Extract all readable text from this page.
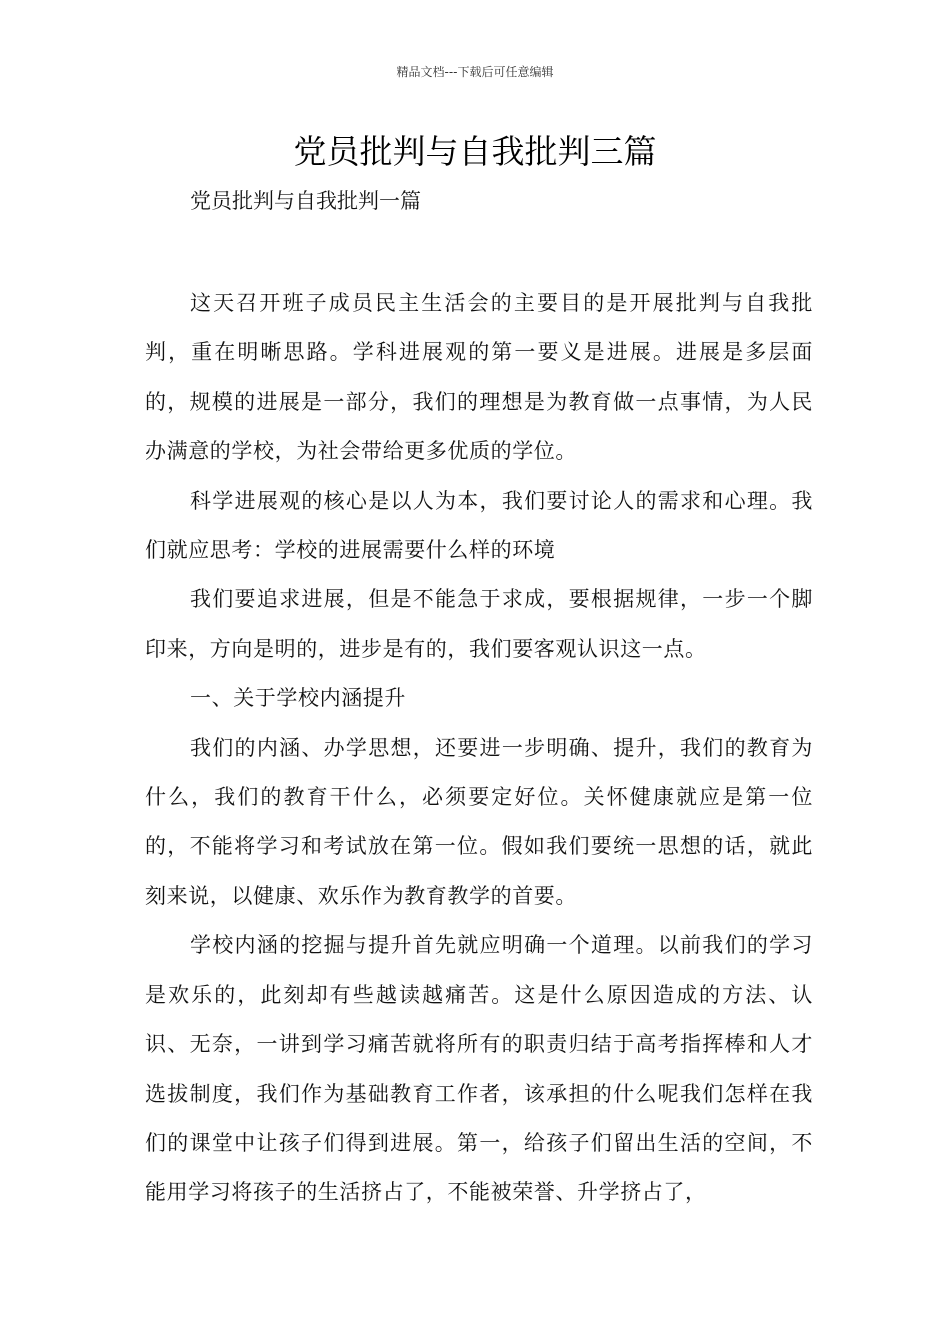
精品文档---下载后可任意编辑
党员批判与自我批判三篇

党员批判与自我批判一篇

这天召开班子成员民主生活会的主要目的是开展批判与自我批判，重在明晰思路。学科进展观的第一要义是进展。进展是多层面的，规模的进展是一部分，我们的理想是为教育做一点事情，为人民办满意的学校，为社会带给更多优质的学位。

科学进展观的核心是以人为本，我们要讨论人的需求和心理。我们就应思考：学校的进展需要什么样的环境

我们要追求进展，但是不能急于求成，要根据规律，一步一个脚印来，方向是明的，进步是有的，我们要客观认识这一点。

一、关于学校内涵提升

我们的内涵、办学思想，还要进一步明确、提升，我们的教育为什么，我们的教育干什么，必须要定好位。关怀健康就应是第一位的，不能将学习和考试放在第一位。假如我们要统一思想的话，就此刻来说，以健康、欢乐作为教育教学的首要。

学校内涵的挖掘与提升首先就应明确一个道理。以前我们的学习是欢乐的，此刻却有些越读越痛苦。这是什么原因造成的方法、认识、无奈，一讲到学习痛苦就将所有的职责归结于高考指挥棒和人才选拔制度，我们作为基础教育工作者，该承担的什么呢我们怎样在我们的课堂中让孩子们得到进展。第一，给孩子们留出生活的空间，不能用学习将孩子的生活挤占了，不能被荣誉、升学挤占了，
